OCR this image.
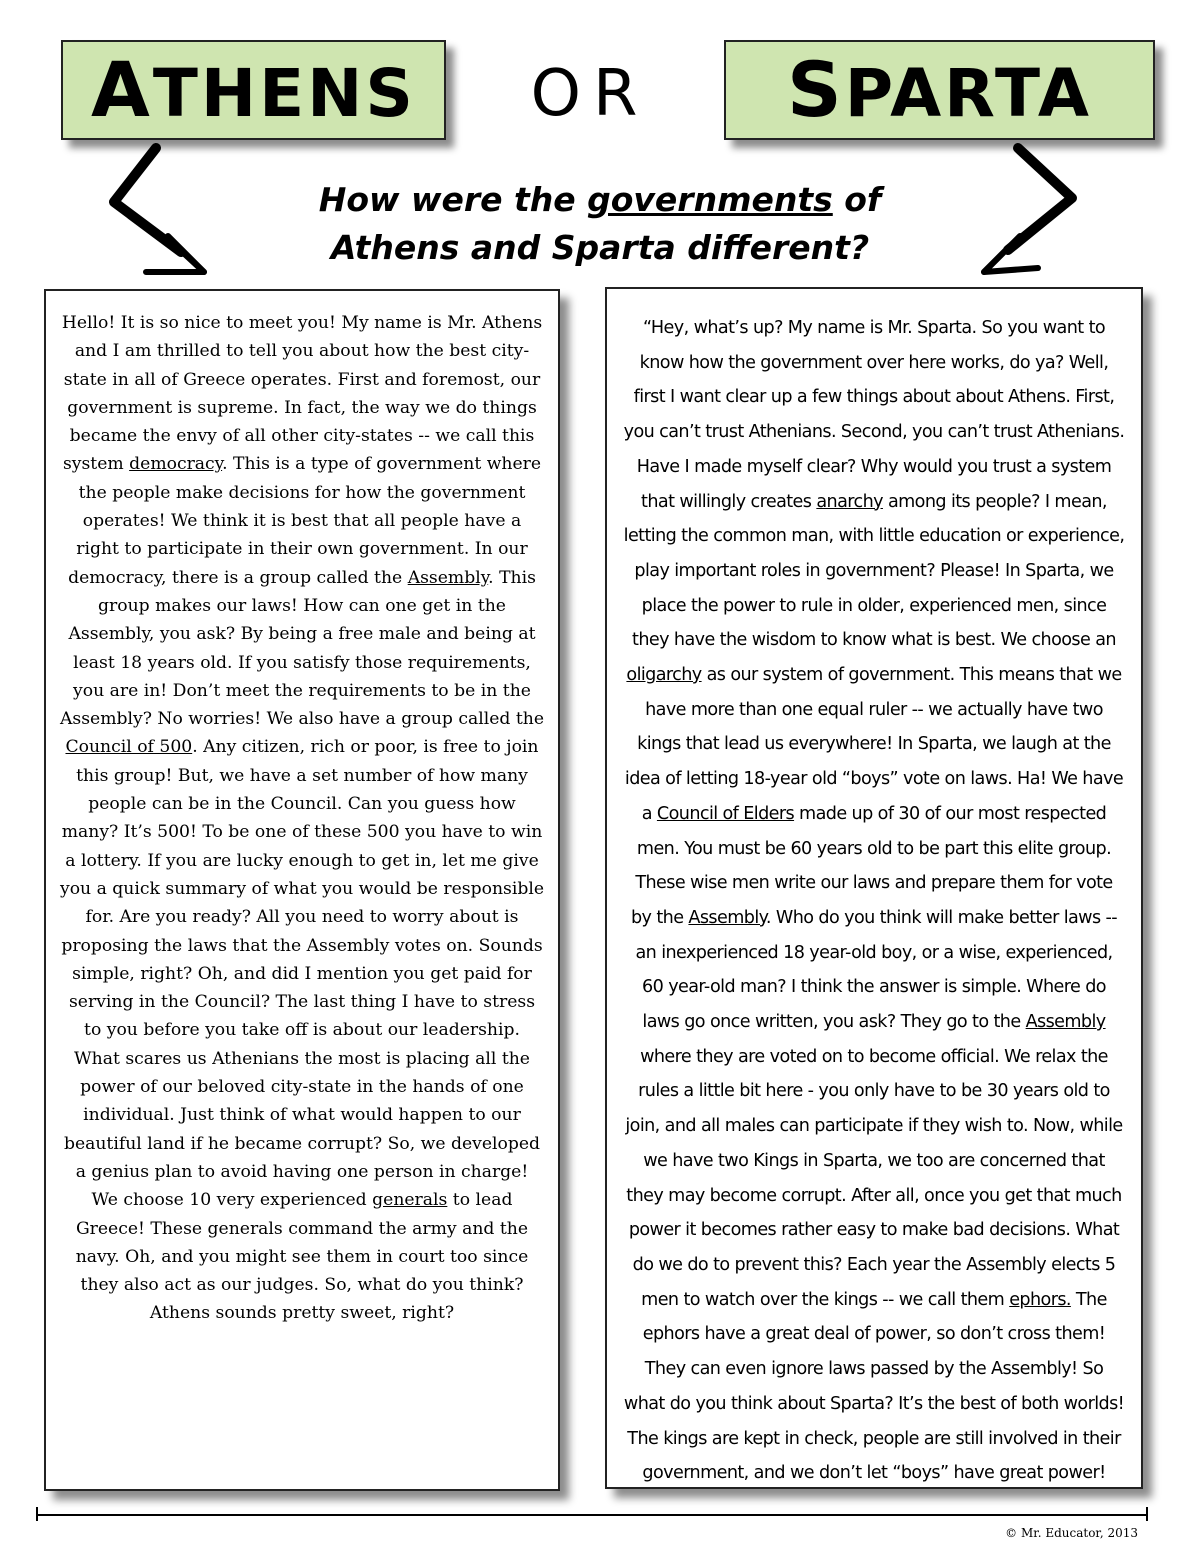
ATHENS	OR SPARTA
How were the governments of
Athens and Sparta different?

Hello! It is so nice to meet you! My name is Mr. Athens and I am thrilled to tell you about how the best city-state in all of Greece operates. First and foremost, our government is supreme. In fact, the way we do things became the envy of all other city-states -- we call this system democracy. This is a type of government where the people make decisions for how the government operates! We think it is best that all people have a right to participate in their own government. In our democracy, there is a group called the Assembly. This group makes our laws! How can one get in the Assembly, you ask? By being a free male and being at least 18 years old. If you satisfy those requirements, you are in! Don’t meet the requirements to be in the Assembly? No worries! We also have a group called the Council of 500. Any citizen, rich or poor, is free to join this group! But, we have a set number of how many people can be in the Council. Can you guess how many? It’s 500! To be one of these 500 you have to win a lottery. If you are lucky enough to get in, let me give you a quick summary of what you would be responsible for. Are you ready? All you need to worry about is proposing the laws that the Assembly votes on. Sounds simple, right? Oh, and did I mention you get paid for serving in the Council? The last thing I have to stress to you before you take off is about our leadership. What scares us Athenians the most is placing all the power of our beloved city-state in the hands of one individual. Just think of what would happen to our beautiful land if he became corrupt? So, we developed a genius plan to avoid having one person in charge! We choose 10 very experienced generals to lead Greece! These generals command the army and the navy. Oh, and you might see them in court too since they also act as our judges. So, what do you think? Athens sounds pretty sweet, right?

“Hey, what’s up? My name is Mr. Sparta. So you want to know how the government over here works, do ya? Well, first I want clear up a few things about about Athens. First, you can’t trust Athenians. Second, you can’t trust Athenians. Have I made myself clear? Why would you trust a system that willingly creates anarchy among its people? I mean, letting the common man, with little education or experience, play important roles in government? Please! In Sparta, we place the power to rule in older, experienced men, since they have the wisdom to know what is best. We choose an oligarchy as our system of government. This means that we have more than one equal ruler -- we actually have two kings that lead us everywhere! In Sparta, we laugh at the idea of letting 18-year old “boys” vote on laws. Ha! We have a Council of Elders made up of 30 of our most respected men. You must be 60 years old to be part this elite group. These wise men write our laws and prepare them for vote by the Assembly. Who do you think will make better laws -- an inexperienced 18 year-old boy, or a wise, experienced, 60 year-old man? I think the answer is simple. Where do laws go once written, you ask? They go to the Assembly where they are voted on to become official. We relax the rules a little bit here - you only have to be 30 years old to join, and all males can participate if they wish to. Now, while we have two Kings in Sparta, we too are concerned that they may become corrupt. After all, once you get that much power it becomes rather easy to make bad decisions. What do we do to prevent this? Each year the Assembly elects 5 men to watch over the kings -- we call them ephors. The ephors have a great deal of power, so don’t cross them! They can even ignore laws passed by the Assembly! So what do you think about Sparta? It’s the best of both worlds! The kings are kept in check, people are still involved in their government, and we don’t let “boys” have great power!

© Mr. Educator, 2013
